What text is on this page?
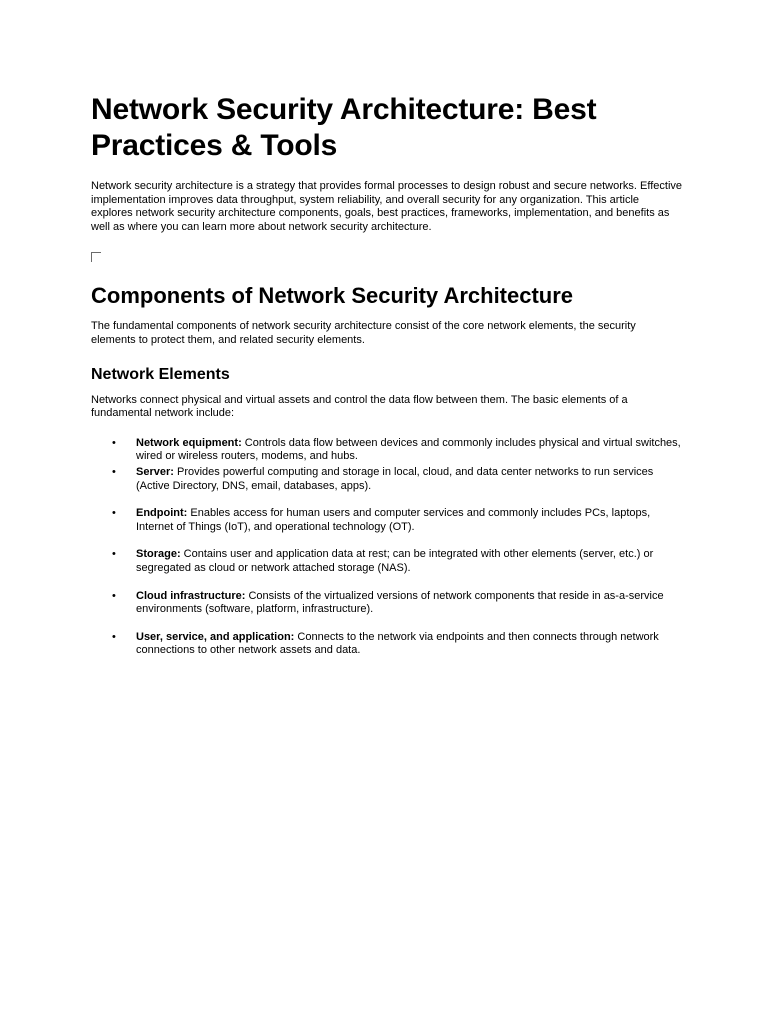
Network Security Architecture: Best Practices & Tools

Network security architecture is a strategy that provides formal processes to design robust and secure networks. Effective implementation improves data throughput, system reliability, and overall security for any organization. This article explores network security architecture components, goals, best practices, frameworks, implementation, and benefits as well as where you can learn more about network security architecture.

Components of Network Security Architecture

The fundamental components of network security architecture consist of the core network elements, the security elements to protect them, and related security elements.

Network Elements

Networks connect physical and virtual assets and control the data flow between them. The basic elements of a fundamental network include:

• Network equipment: Controls data flow between devices and commonly includes physical and virtual switches, wired or wireless routers, modems, and hubs.
• Server: Provides powerful computing and storage in local, cloud, and data center networks to run services (Active Directory, DNS, email, databases, apps).
• Endpoint: Enables access for human users and computer services and commonly includes PCs, laptops, Internet of Things (IoT), and operational technology (OT).
• Storage: Contains user and application data at rest; can be integrated with other elements (server, etc.) or segregated as cloud or network attached storage (NAS).
• Cloud infrastructure: Consists of the virtualized versions of network components that reside in as-a-service environments (software, platform, infrastructure).
• User, service, and application: Connects to the network via endpoints and then connects through network connections to other network assets and data.
